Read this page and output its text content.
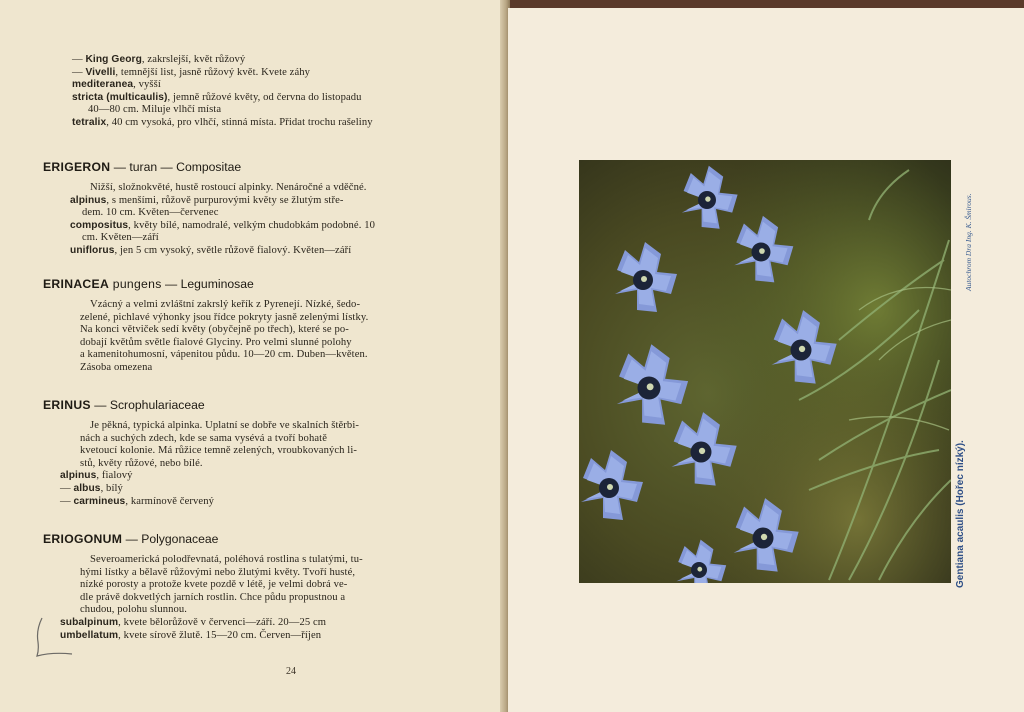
24
— King Georg, zakrslejší, květ růžový
— Vivelli, temnější list, jasně růžový květ. Kvete záhy
mediteranea, vyšší
stricta (multicaulis), jemně růžové květy, od června do listopadu
40—80 cm. Miluje vlhčí místa
tetralix, 40 cm vysoká, pro vlhčí, stinná místa. Přidat trochu rašeliny
ERIGERON — turan — Compositae
Nižší, složnokvěté, hustě rostoucí alpinky. Nenáročné a vděčné.
alpinus, s menšími, růžově purpurovými květy se žlutým stře-
dem. 10 cm. Květen—červenec
compositus, květy bílé, namodralé, velkým chudobkám podobné. 10
cm. Květen—září
uniflorus, jen 5 cm vysoký, světle růžově fialový. Květen—září
ERINACEA pungens — Leguminosae
Vzácný a velmi zvláštní zakrslý keřík z Pyrenejí. Nízké, šedo-
zelené, pichlavé výhonky jsou řídce pokryty jasně zelenými lístky.
Na konci větviček sedí květy (obyčejně po třech), které se po-
dobají květům světle fialové Glyciny. Pro velmi slunné polohy
a kamenitohumosní, vápenitou půdu. 10—20 cm. Duben—květen.
Zásoba omezena
ERINUS — Scrophulariaceae
Je pěkná, typická alpinka. Uplatní se dobře ve skalních štěrbi-
nách a suchých zdech, kde se sama vysévá a tvoří bohatě
kvetoucí kolonie. Má růžice temně zelených, vroubkovaných li-
stů, květy růžové, nebo bílé.
alpinus, fialový
— albus, bílý
— carmineus, karmínově červený
ERIOGONUM — Polygonaceae
Severoamerická polodřevnatá, poléhová rostlina s tulatými, tu-
hými lístky a bělavě růžovými nebo žlutými květy. Tvoří husté,
nízké porosty a protože kvete pozdě v létě, je velmi dobrá ve-
dle právě dokvetlých jarních rostlin. Chce půdu propustnou a
chudou, polohu slunnou.
subalpinum, kvete bělorůžově v červenci—září. 20—25 cm
umbellatum, kvete sírově žlutě. 15—20 cm. Červen—říjen
Autochrom Dra Ing. K. Šmirous.
Gentiana acaulis (Hořec nízký).
